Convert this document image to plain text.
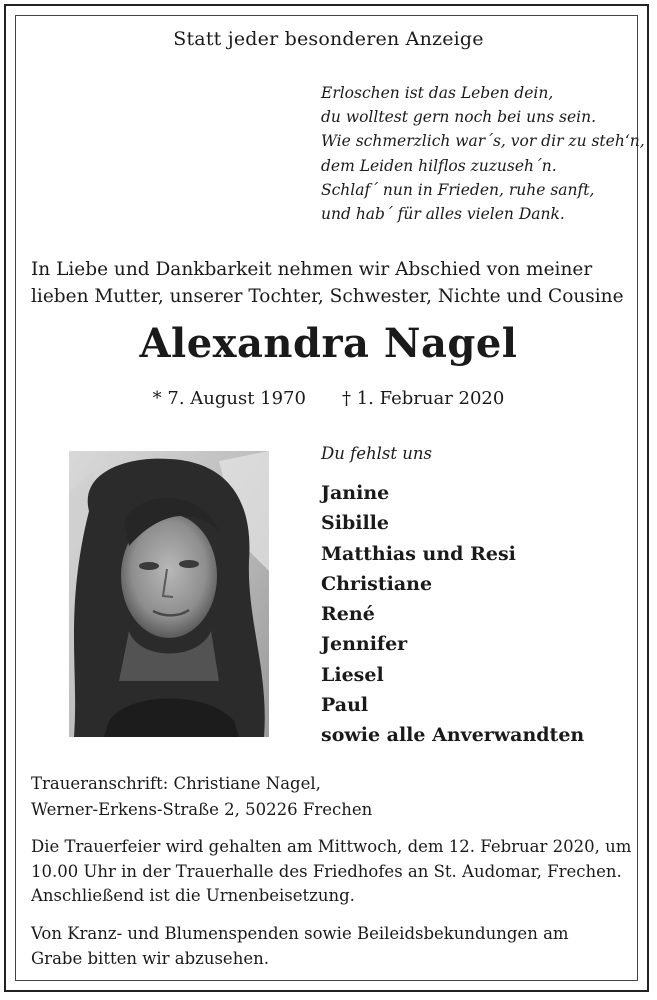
Statt jeder besonderen Anzeige
Erloschen ist das Leben dein,
du wolltest gern noch bei uns sein.
Wie schmerzlich war´s, vor dir zu steh‘n,
dem Leiden hilflos zuzuseh´n.
Schlaf´ nun in Frieden, ruhe sanft,
und hab´ für alles vielen Dank.
In Liebe und Dankbarkeit nehmen wir Abschied von meiner
lieben Mutter, unserer Tochter, Schwester, Nichte und Cousine
Alexandra Nagel
* 7. August 1970 † 1. Februar 2020
Du fehlst uns
Janine
Sibille
Matthias und Resi
Christiane
René
Jennifer
Liesel
Paul
sowie alle Anverwandten
Traueranschrift: Christiane Nagel,
Werner-Erkens-Straße 2, 50226 Frechen
Die Trauerfeier wird gehalten am Mittwoch, dem 12. Februar 2020, um
10.00 Uhr in der Trauerhalle des Friedhofes an St. Audomar, Frechen.
Anschließend ist die Urnenbeisetzung.
Von Kranz- und Blumenspenden sowie Beileidsbekundungen am
Grabe bitten wir abzusehen.
